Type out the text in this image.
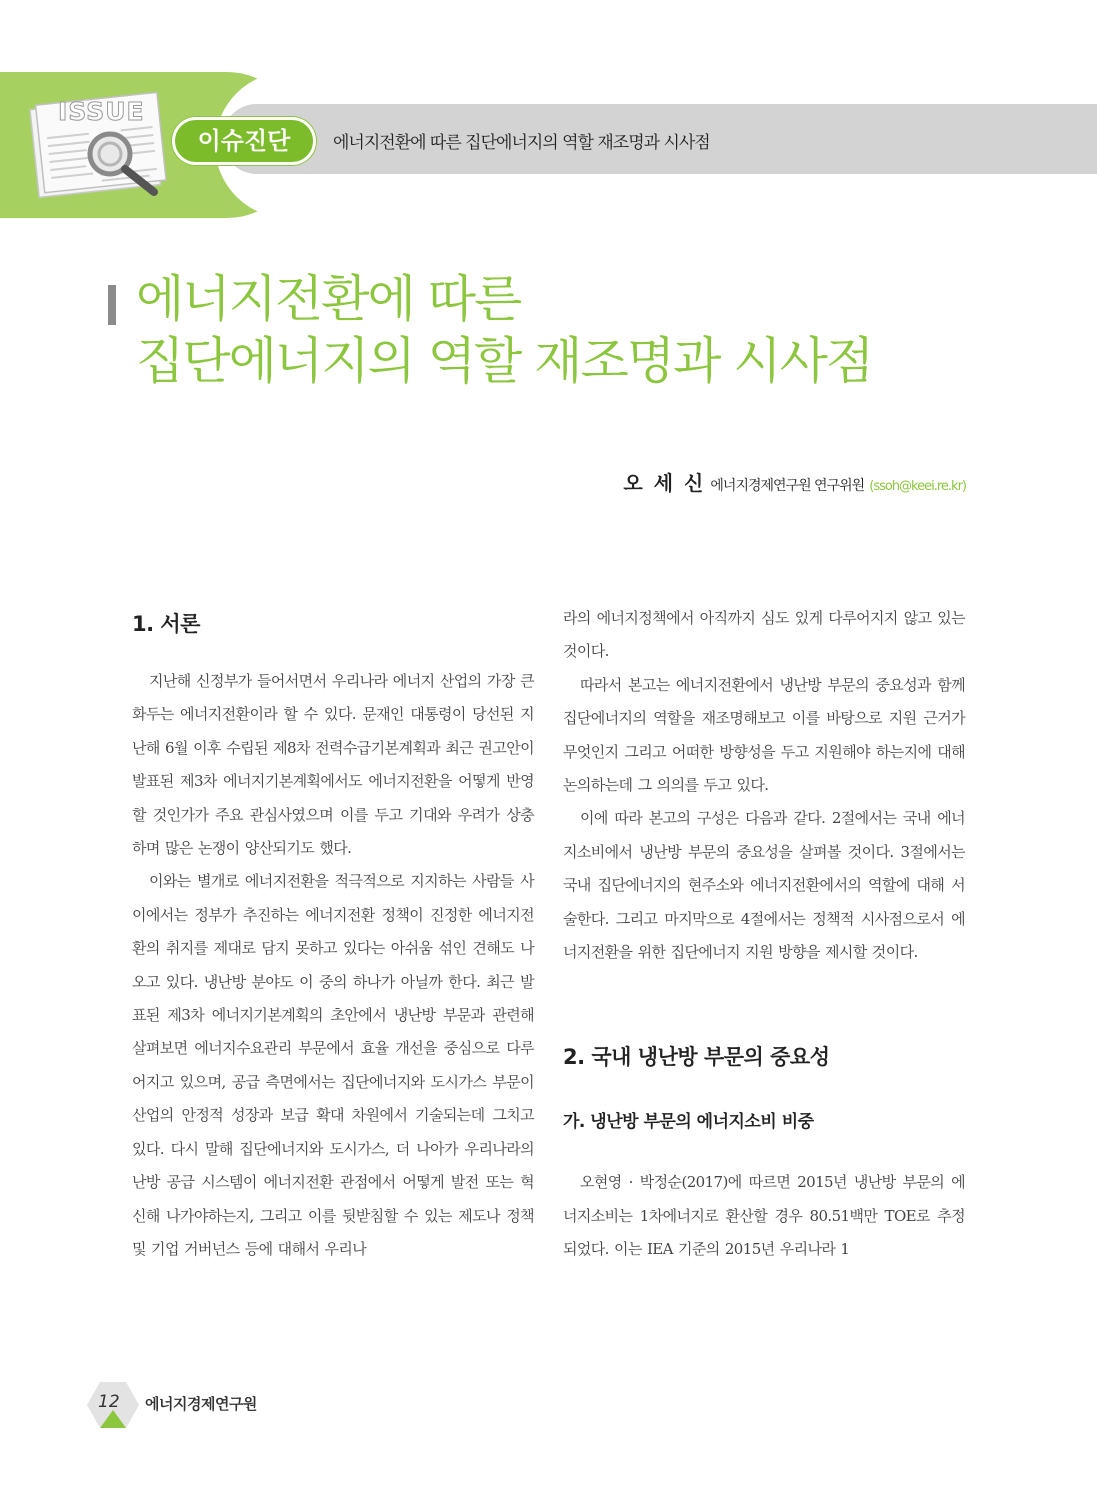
ISSUE
이슈진단	에너지전환에 따른 집단에너지의 역할 재조명과 시사점
에너지전환에 따른
집단에너지의 역할 재조명과 시사점
오 세 신 에너지경제연구원 연구위원 (ssoh@keei.re.kr)
1. 서론

지난해 신정부가 들어서면서 우리나라 에너지 산업의 가장 큰 화두는 에너지전환이라 할 수 있다. 문재인 대통령이 당선된 지난해 6월 이후 수립된 제8차 전력수급기본계획과 최근 권고안이 발표된 제3차 에너지기본계획에서도 에너지전환을 어떻게 반영할 것인가가 주요 관심사였으며 이를 두고 기대와 우려가 상충하며 많은 논쟁이 양산되기도 했다.

이와는 별개로 에너지전환을 적극적으로 지지하는 사람들 사이에서는 정부가 추진하는 에너지전환 정책이 진정한 에너지전환의 취지를 제대로 담지 못하고 있다는 아쉬움 섞인 견해도 나오고 있다. 냉난방 분야도 이 중의 하나가 아닐까 한다. 최근 발표된 제3차 에너지기본계획의 초안에서 냉난방 부문과 관련해 살펴보면 에너지수요관리 부문에서 효율 개선을 중심으로 다루어지고 있으며, 공급 측면에서는 집단에너지와 도시가스 부문이 산업의 안정적 성장과 보급 확대 차원에서 기술되는데 그치고 있다. 다시 말해 집단에너지와 도시가스, 더 나아가 우리나라의 난방 공급 시스템이 에너지전환 관점에서 어떻게 발전 또는 혁신해 나가야하는지, 그리고 이를 뒷받침할 수 있는 제도나 정책 및 기업 거버넌스 등에 대해서 우리나

라의 에너지정책에서 아직까지 심도 있게 다루어지지 않고 있는 것이다.

따라서 본고는 에너지전환에서 냉난방 부문의 중요성과 함께 집단에너지의 역할을 재조명해보고 이를 바탕으로 지원 근거가 무엇인지 그리고 어떠한 방향성을 두고 지원해야 하는지에 대해 논의하는데 그 의의를 두고 있다.

이에 따라 본고의 구성은 다음과 같다. 2절에서는 국내 에너지소비에서 냉난방 부문의 중요성을 살펴볼 것이다. 3절에서는 국내 집단에너지의 현주소와 에너지전환에서의 역할에 대해 서술한다. 그리고 마지막으로 4절에서는 정책적 시사점으로서 에너지전환을 위한 집단에너지 지원 방향을 제시할 것이다.

2. 국내 냉난방 부문의 중요성
가. 냉난방 부문의 에너지소비 비중

오현영 · 박정순(2017)에 따르면 2015년 냉난방 부문의 에너지소비는 1차에너지로 환산할 경우 80.51백만 TOE로 추정되었다. 이는 IEA 기준의 2015년 우리나라 1

12 에너지경제연구원
